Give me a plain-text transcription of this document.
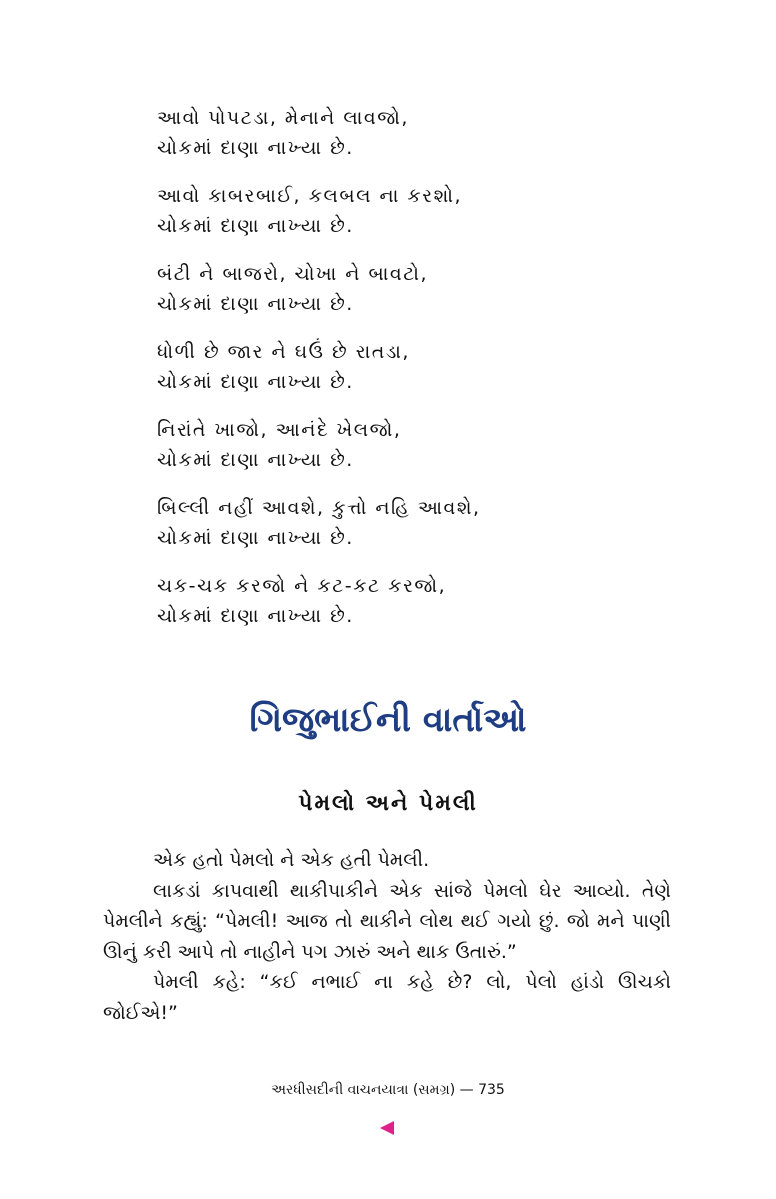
આવો પોપટડા, મેનાને લાવજો,
ચોકમાં દાણા નાખ્યા છે.
આવો કાબરબાઈ, કલબલ ના કરશો,
ચોકમાં દાણા નાખ્યા છે.
બંટી ને બાજરો, ચોખા ને બાવટો,
ચોકમાં દાણા નાખ્યા છે.
ધોળી છે જાર ને ઘઉં છે રાતડા,
ચોકમાં દાણા નાખ્યા છે.
નિરાંતે ખાજો, આનંદે ખેલજો,
ચોકમાં દાણા નાખ્યા છે.
બિલ્લી નહીં આવશે, કુત્તો નહિ આવશે,
ચોકમાં દાણા નાખ્યા છે.
ચક-ચક કરજો ને કટ-કટ કરજો,
ચોકમાં દાણા નાખ્યા છે.
ગિજુભાઈની વાર્તાઓ
પેમલો અને પેમલી

એક હતો પેમલો ને એક હતી પેમલી.

લાકડાં કાપવાથી થાકીપાકીને એક સાંજે પેમલો ઘેર આવ્યો. તેણે પેમલીને કહ્યું: “પેમલી! આજ તો થાકીને લોથ થઈ ગયો છું. જો મને પાણી ઊનું કરી આપે તો નાહીને પગ ઝારું અને થાક ઉતારું.”

પેમલી કહે: “કઈ નભાઈ ના કહે છે? લો, પેલો હાંડો ઊચકો જોઈએ!”

અરધીસદીની વાચનયાત્રા (સમગ્ર) — 735
